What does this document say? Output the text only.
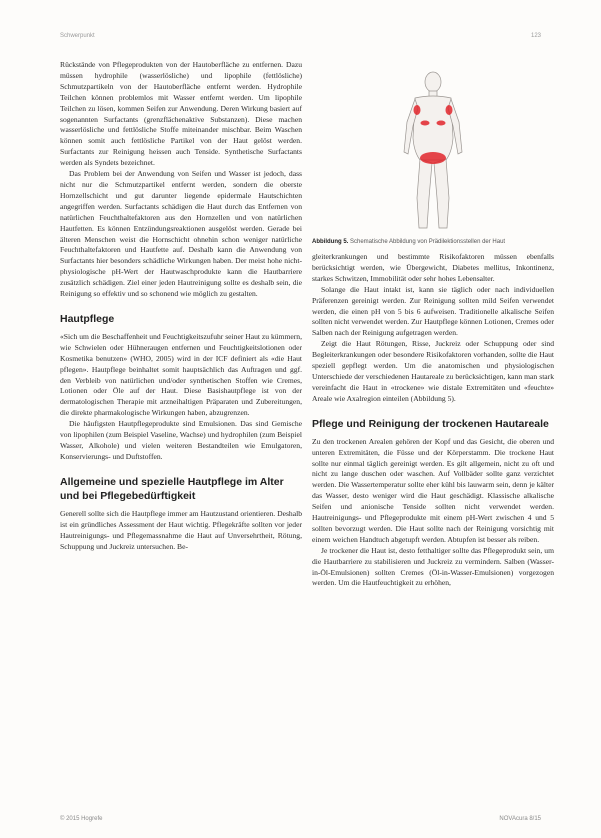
Schwerpunkt	123

Rückstände von Pflegeprodukten von der Hautoberfläche zu entfernen. Dazu müssen hydrophile (wasserlösliche) und lipophile (fettlösliche) Schmutzpartikeln von der Hautoberfläche entfernt werden. Hydrophile Teilchen können problemlos mit Wasser entfernt werden. Um lipophile Teilchen zu lösen, kommen Seifen zur Anwendung. Deren Wirkung basiert auf sogenannten Surfactants (grenzflächenaktive Substanzen). Diese machen wasserlösliche und fettlösliche Stoffe miteinander mischbar. Beim Waschen können somit auch fettlösliche Partikel von der Haut gelöst werden. Surfactants zur Reinigung heissen auch Tenside. Synthetische Surfactants werden als Syndets bezeichnet.

Das Problem bei der Anwendung von Seifen und Wasser ist jedoch, dass nicht nur die Schmutzpartikel entfernt werden, sondern die oberste Hornzellschicht und gut darunter liegende epidermale Hautschichten angegriffen werden. Surfactants schädigen die Haut durch das Entfernen von natürlichen Feuchthaltefaktoren aus den Hornzellen und von natürlichen Hautfetten. Es können Entzündungsreaktionen ausgelöst werden. Gerade bei älteren Menschen weist die Hornschicht ohnehin schon weniger natürliche Feuchthaltefaktoren und Hautfette auf. Deshalb kann die Anwendung von Surfactants hier besonders schädliche Wirkungen haben. Der meist hohe nicht-physiologische pH-Wert der Hautwaschprodukte kann die Hautbarriere zusätzlich schädigen. Ziel einer jeden Hautreinigung sollte es deshalb sein, die Reinigung so effektiv und so schonend wie möglich zu gestalten.

Hautpflege

«Sich um die Beschaffenheit und Feuchtigkeitszufuhr seiner Haut zu kümmern, wie Schwielen oder Hühneraugen entfernen und Feuchtigkeitslotionen oder Kosmetika benutzen» (WHO, 2005) wird in der ICF definiert als «die Haut pflegen». Hautpflege beinhaltet somit hauptsächlich das Auftragen und ggf. den Verbleib von natürlichen und/oder synthetischen Stoffen wie Cremes, Lotionen oder Öle auf der Haut. Diese Basishautpflege ist von der dermatologischen Therapie mit arzneihaltigen Präparaten und Zubereitungen, die direkte pharmakologische Wirkungen haben, abzugrenzen.

Die häufigsten Hautpflegeprodukte sind Emulsionen. Das sind Gemische von lipophilen (zum Beispiel Vaseline, Wachse) und hydrophilen (zum Beispiel Wasser, Alkohole) und vielen weiteren Bestandteilen wie Emulgatoren, Konservierungs- und Duftstoffen.

Allgemeine und spezielle Hautpflege im Alter und bei Pflegebedürftigkeit

Generell sollte sich die Hautpflege immer am Hautzustand orientieren. Deshalb ist ein gründliches Assessment der Haut wichtig. Pflegekräfte sollten vor jeder Hautreinigungs- und Pflegemassnahme die Haut auf Unversehrtheit, Rötung, Schuppung und Juckreiz untersuchen. Be-

Abbildung 5. Schematische Abbildung von Prädilektionsstellen der Haut

gleiterkrankungen und bestimmte Risikofaktoren müssen ebenfalls berücksichtigt werden, wie Übergewicht, Diabetes mellitus, Inkontinenz, starkes Schwitzen, Immobilität oder sehr hohes Lebensalter.

Solange die Haut intakt ist, kann sie täglich oder nach individuellen Präferenzen gereinigt werden. Zur Reinigung sollten mild Seifen verwendet werden, die einen pH von 5 bis 6 aufweisen. Traditionelle alkalische Seifen sollten nicht verwendet werden. Zur Hautpflege können Lotionen, Cremes oder Salben nach der Reinigung aufgetragen werden.

Zeigt die Haut Rötungen, Risse, Juckreiz oder Schuppung oder sind Begleiterkrankungen oder besondere Risikofaktoren vorhanden, sollte die Haut speziell gepflegt werden. Um die anatomischen und physiologischen Unterschiede der verschiedenen Hautareale zu berücksichtigen, kann man stark vereinfacht die Haut in «trockene» wie distale Extremitäten und «feuchte» Areale wie Axalregion einteilen (Abbildung 5).

Pflege und Reinigung der trockenen Hautareale

Zu den trockenen Arealen gehören der Kopf und das Gesicht, die oberen und unteren Extremitäten, die Füsse und der Körperstamm. Die trockene Haut sollte nur einmal täglich gereinigt werden. Es gilt allgemein, nicht zu oft und nicht zu lange duschen oder waschen. Auf Vollbäder sollte ganz verzichtet werden. Die Wassertemperatur sollte eher kühl bis lauwarm sein, denn je kälter das Wasser, desto weniger wird die Haut geschädigt. Klassische alkalische Seifen und anionische Tenside sollten nicht verwendet werden. Hautreinigungs- und Pflegeprodukte mit einem pH-Wert zwischen 4 und 5 sollten bevorzugt werden. Die Haut sollte nach der Reinigung vorsichtig mit einem weichen Handtuch abgetupft werden. Abtupfen ist besser als reiben.

Je trockener die Haut ist, desto fetthaltiger sollte das Pflegeprodukt sein, um die Hautbarriere zu stabilisieren und Juckreiz zu vermindern. Salben (Wasser-in-Öl-Emulsionen) sollten Cremes (Öl-in-Wasser-Emulsionen) vorgezogen werden. Um die Hautfeuchtigkeit zu erhöhen,

© 2015 Hogrefe	NOVAcura 8/15
